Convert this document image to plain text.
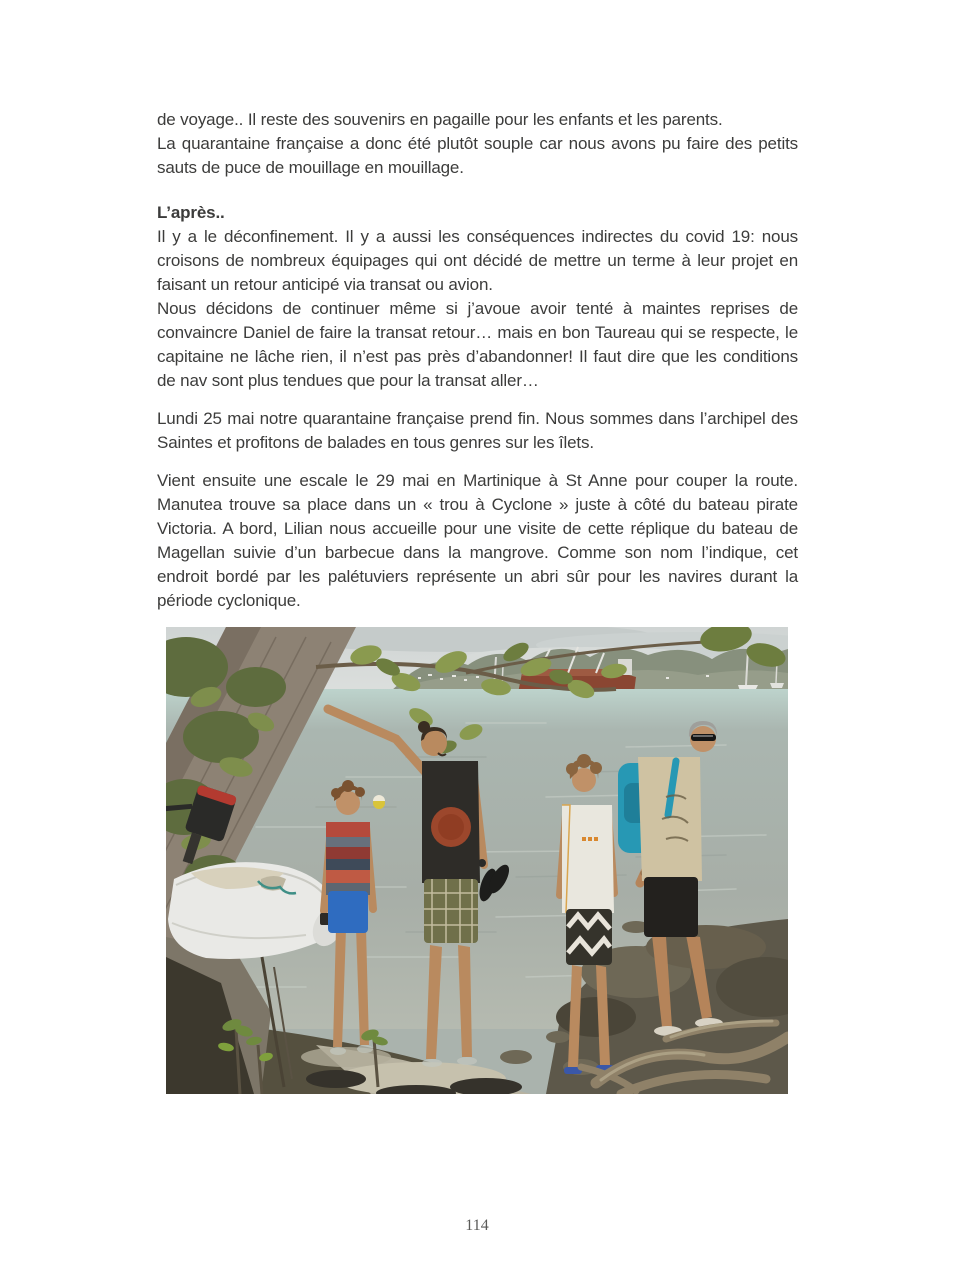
de voyage.. Il reste des souvenirs en pagaille pour les enfants et les parents.

La quarantaine française a donc été plutôt souple car nous avons pu faire des petits sauts de puce de mouillage en mouillage.

L’après..

Il y a le déconfinement. Il y a aussi les conséquences indirectes du covid 19: nous croisons de nombreux équipages qui ont décidé de mettre un terme à leur projet en faisant un retour anticipé via transat ou avion.

Nous décidons de continuer même si j’avoue avoir tenté à maintes reprises de convaincre Daniel de faire la transat retour… mais en bon Taureau qui se respecte, le capitaine ne lâche rien, il n’est pas près d’abandonner! Il faut dire que les conditions de nav sont plus tendues que pour la transat aller…

Lundi 25 mai notre quarantaine française prend fin. Nous sommes dans l’archipel des Saintes et profitons de balades en tous genres sur les îlets.

Vient ensuite une escale le 29 mai en Martinique à St Anne pour couper la route. Manutea trouve sa place dans un « trou à Cyclone » juste à côté du bateau pirate Victoria. A bord, Lilian nous accueille pour une visite de cette réplique du bateau de Magellan suivie d’un barbecue dans la mangrove. Comme son nom l’indique, cet endroit bordé par les palétuviers représente un abri sûr pour les navires durant la période cyclonique.

114
